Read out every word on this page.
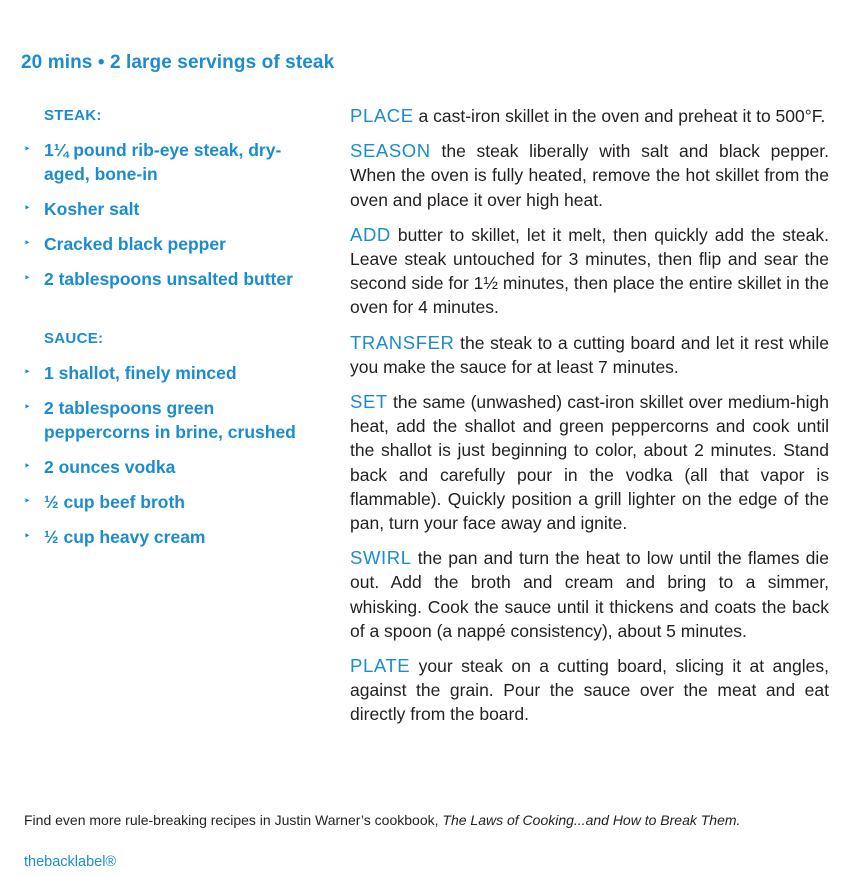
20 mins • 2 large servings of steak

STEAK:
‣ 1¼ pound rib-eye steak, dry-aged, bone-in
‣ Kosher salt
‣ Cracked black pepper
‣ 2 tablespoons unsalted butter
SAUCE:
‣ 1 shallot, finely minced
‣ 2 tablespoons green peppercorns in brine, crushed
‣ 2 ounces vodka
‣ ½ cup beef broth
‣ ½ cup heavy cream

PLACE a cast-iron skillet in the oven and preheat it to 500°F.

SEASON the steak liberally with salt and black pepper. When the oven is fully heated, remove the hot skillet from the oven and place it over high heat.

ADD butter to skillet, let it melt, then quickly add the steak. Leave steak untouched for 3 minutes, then flip and sear the second side for 1½ minutes, then place the entire skillet in the oven for 4 minutes.

TRANSFER the steak to a cutting board and let it rest while you make the sauce for at least 7 minutes.

SET the same (unwashed) cast-iron skillet over medium-high heat, add the shallot and green peppercorns and cook until the shallot is just beginning to color, about 2 minutes. Stand back and carefully pour in the vodka (all that vapor is flammable). Quickly position a grill lighter on the edge of the pan, turn your face away and ignite.

SWIRL the pan and turn the heat to low until the flames die out. Add the broth and cream and bring to a simmer, whisking. Cook the sauce until it thickens and coats the back of a spoon (a nappé consistency), about 5 minutes.

PLATE your steak on a cutting board, slicing it at angles, against the grain. Pour the sauce over the meat and eat directly from the board.

Find even more rule-breaking recipes in Justin Warner’s cookbook, The Laws of Cooking...and How to Break Them.

thebacklabel®
